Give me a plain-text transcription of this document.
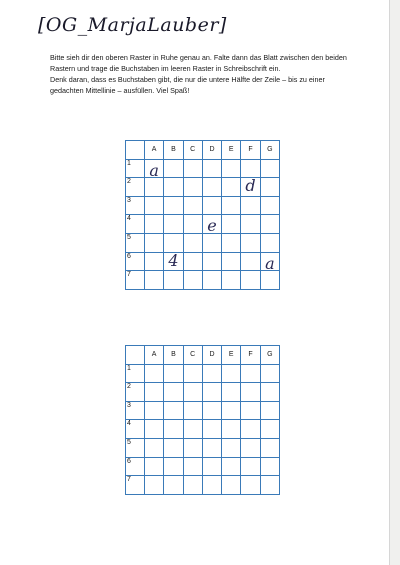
[OG_MarjaLauber]

Bitte sieh dir den oberen Raster in Ruhe genau an. Falte dann das Blatt zwischen den beiden Rastern und trage die Buchstaben im leeren Raster in Schreibschrift ein.

Denk daran, dass es Buchstaben gibt, die nur die untere Hälfte der Zeile – bis zu einer gedachten Mittellinie – ausfüllen. Viel Spaß!

	A	B	C	D	E	F	G
1	a						

2						d	

3							
4				e			

5							
6		4					a

7							
	A	B	C	D	E	F	G
1							
2							
3							
4							
5							
6							
7							
